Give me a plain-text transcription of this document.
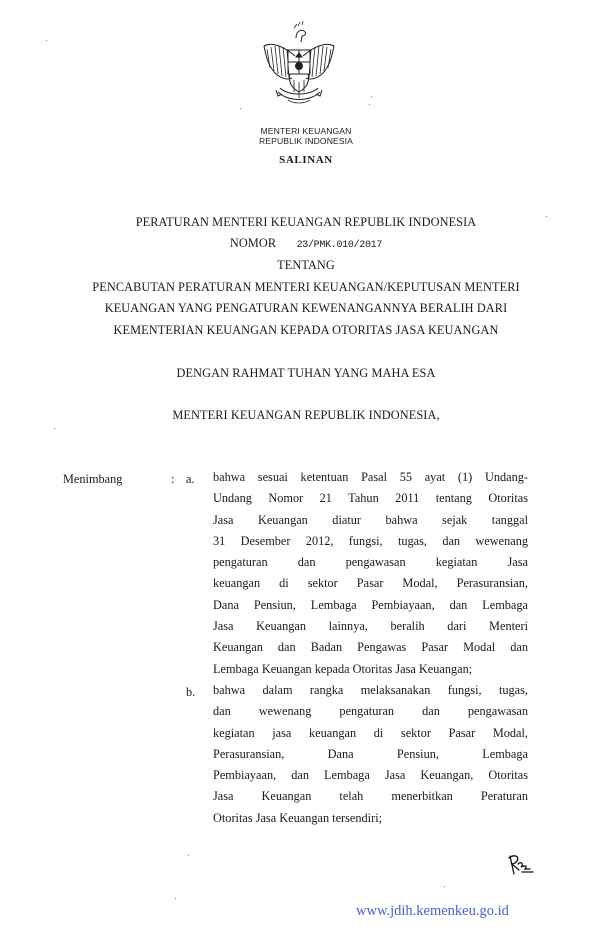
MENTERI KEUANGAN
REPUBLIK INDONESIA
SALINAN
PERATURAN MENTERI KEUANGAN REPUBLIK INDONESIA
NOMOR 23/PMK.010/2017
TENTANG
PENCABUTAN PERATURAN MENTERI KEUANGAN/KEPUTUSAN MENTERI
KEUANGAN YANG PENGATURAN KEWENANGANNYA BERALIH DARI
KEMENTERIAN KEUANGAN KEPADA OTORITAS JASA KEUANGAN
DENGAN RAHMAT TUHAN YANG MAHA ESA
MENTERI KEUANGAN REPUBLIK INDONESIA,
Menimbang	: a. bahwa sesuai ketentuan Pasal 55 ayat (1) Undang-
Undang Nomor 21 Tahun 2011 tentang Otoritas
Jasa Keuangan diatur bahwa sejak tanggal
31 Desember 2012, fungsi, tugas, dan wewenang
pengaturan dan pengawasan kegiatan Jasa
keuangan di sektor Pasar Modal, Perasuransian,
Dana Pensiun, Lembaga Pembiayaan, dan Lembaga
Jasa Keuangan lainnya, beralih dari Menteri
Keuangan dan Badan Pengawas Pasar Modal dan
Lembaga Keuangan kepada Otoritas Jasa Keuangan;
b. bahwa dalam rangka melaksanakan fungsi, tugas,
dan wewenang pengaturan dan pengawasan
kegiatan jasa keuangan di sektor Pasar Modal,
Perasuransian, Dana Pensiun, Lembaga
Pembiayaan, dan Lembaga Jasa Keuangan, Otoritas
Jasa Keuangan telah menerbitkan Peraturan
Otoritas Jasa Keuangan tersendiri;
www.jdih.kemenkeu.go.id
